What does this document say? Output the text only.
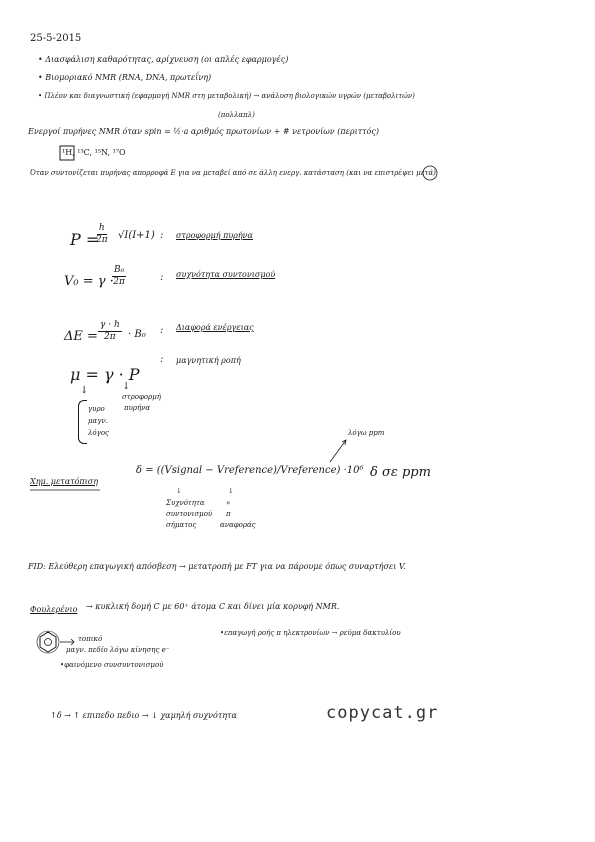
25-5-2015
• Διασφάλιση καθαρότητας, αρίχνευση (οι απλές εφαρμογές)
• Βιομοριακό NMR (RNA, DNA, πρωτεΐνη)
• Πλέον και διαγνωστική (εφαρμογή NMR στη μεταβολική) → ανάλυση βιολογικών υγρών (μεταβολιτών)
(πολλαπλ)
Ενεργοί πυρήνες NMR όταν spin = ½·a αριθμός πρωτονίων + # νετρονίων (περιττός)
¹H, ¹³C, ¹⁵N, ¹⁷O
Όταν συντονίζεται πυρήνας απορροφά E για να μεταβεί από σε άλλη ενεργ. κατάσταση (και να επιστρέψει μετά)
P =
$\frac{h}{2\pi} √I(I+1)$ : στροφορμή πυρήνα
V₀ = γ ·
$\frac{\text{B₀}}{2\pi}$	: συχνότητα συντονισμού
$\Delta E = \frac{\gamma \cdot h}{2\pi} \cdot B_0$ : Διαφορά ενέργειας
μ = γ · P
: μαγνητική ροπή
↓	↓
στροφορμή
πυρήνα
γυρο
μαγν.
λόγος	λόγω ppm
Χημ. μετατόπιση
δ = ((Vsignal − Vreference)/Vreference) ·10⁶ δ σε ppm
↓	↓
Συχνότητα
συντονισμού
σήματος
»
π
αναφοράς
FID: Ελεύθερη επαγωγική απόσβεση → μετατροπή με FT για να πάρουμε όπως συναρτήσει V.
Φουλερένιο → κυκλική δομή C με 60⁺ άτομα C και δίνει μία κορυφή NMR.
τοπικό
μαγν. πεδίο λόγω κίνησης e⁻
•φαινόμενο συνσυντονισμού
•επαγωγή ροής π ηλεκτρονίων → ρεύμα δακτυλίου
↑δ → ↑ επιπεδο πεδιο → ↓ χαμηλή συχνότητα	copycat.gr
